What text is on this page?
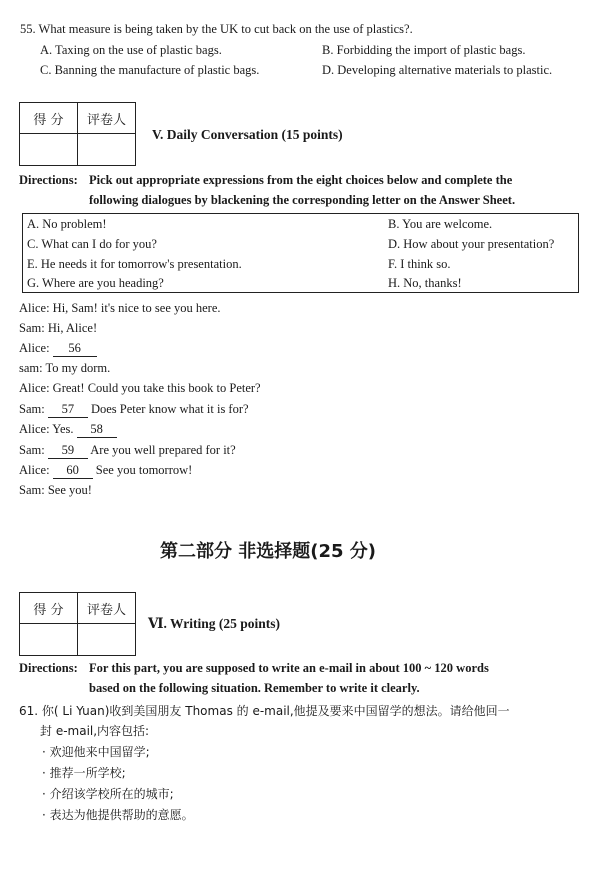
55. What measure is being taken by the UK to cut back on the use of plastics?.
A. Taxing on the use of plastic bags.	B. Forbidding the import of plastic bags.
C. Banning the manufacture of plastic bags.	D. Developing alternative materials to plastic.
得 分	评卷人

V. Daily Conversation (15 points)
Directions: Pick out appropriate expressions from the eight choices below and complete the
following dialogues by blackening the corresponding letter on the Answer Sheet.
A. No problem!	B. You are welcome.
C. What can I do for you?	D. How about your presentation?
E. He needs it for tomorrow's presentation.	F. I think so.
G. Where are you heading?	H. No, thanks!
Alice: Hi, Sam! it's nice to see you here.
Sam: Hi, Alice!
Alice: 56
sam: To my dorm.
Alice: Great! Could you take this book to Peter?
Sam: 57 Does Peter know what it is for?
Alice: Yes. 58
Sam: 59 Are you well prepared for it?
Alice: 60 See you tomorrow!
Sam: See you!
第二部分 非选择题(25 分)
得 分	评卷人

Ⅵ. Writing (25 points)
Directions: For this part, you are supposed to write an e-mail in about 100 ~ 120 words
based on the following situation. Remember to write it clearly.
61. 你( Li Yuan)收到美国朋友 Thomas 的 e-mail,他提及要来中国留学的想法。请给他回一
封 e-mail,内容包括:
· 欢迎他来中国留学;
· 推荐一所学校;
· 介绍该学校所在的城市;
· 表达为他提供帮助的意愿。
